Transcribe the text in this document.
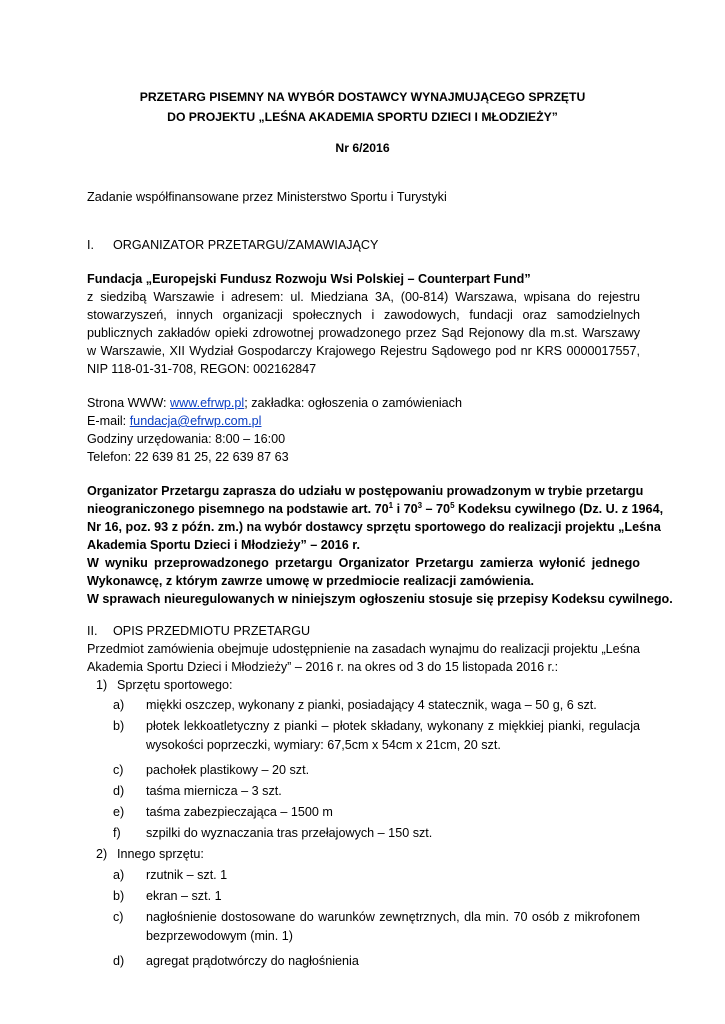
PRZETARG PISEMNY NA WYBÓR DOSTAWCY WYNAJMUJĄCEGO SPRZĘTU
DO PROJEKTU „LEŚNA AKADEMIA SPORTU DZIECI I MŁODZIEŻY”
Nr 6/2016
Zadanie współfinansowane przez Ministerstwo Sportu i Turystyki
I. ORGANIZATOR PRZETARGU/ZAMAWIAJĄCY
Fundacja „Europejski Fundusz Rozwoju Wsi Polskiej – Counterpart Fund”
z siedzibą Warszawie i adresem: ul. Miedziana 3A, (00-814) Warszawa, wpisana do rejestru
stowarzyszeń, innych organizacji społecznych i zawodowych, fundacji oraz samodzielnych
publicznych zakładów opieki zdrowotnej prowadzonego przez Sąd Rejonowy dla m.st. Warszawy
w Warszawie, XII Wydział Gospodarczy Krajowego Rejestru Sądowego pod nr KRS 0000017557,
NIP 118-01-31-708, REGON: 002162847
Strona WWW: www.efrwp.pl; zakładka: ogłoszenia o zamówieniach
E-mail: fundacja@efrwp.com.pl
Godziny urzędowania: 8:00 – 16:00
Telefon: 22 639 81 25, 22 639 87 63
Organizator Przetargu zaprasza do udziału w postępowaniu prowadzonym w trybie przetargu
nieograniczonego pisemnego na podstawie art. $70^1$ i $70^3 - 70^5$ Kodeksu cywilnego (Dz. U. z 1964,
Nr 16, poz. 93 z późn. zm.) na wybór dostawcy sprzętu sportowego do realizacji projektu „Leśna
Akademia Sportu Dzieci i Młodzieży” – 2016 r.
W wyniku przeprowadzonego przetargu Organizator Przetargu zamierza wyłonić jednego
Wykonawcę, z którym zawrze umowę w przedmiocie realizacji zamówienia.
W sprawach nieuregulowanych w niniejszym ogłoszeniu stosuje się przepisy Kodeksu cywilnego.
II. OPIS PRZEDMIOTU PRZETARGU
Przedmiot zamówienia obejmuje udostępnienie na zasadach wynajmu do realizacji projektu „Leśna
Akademia Sportu Dzieci i Młodzieży” – 2016 r. na okres od 3 do 15 listopada 2016 r.:
1) Sprzętu sportowego:
a) miękki oszczep, wykonany z pianki, posiadający 4 statecznik, waga – 50 g, 6 szt.
b) płotek lekkoatletyczny z pianki – płotek składany, wykonany z miękkiej pianki, regulacja
wysokości poprzeczki, wymiary: 67,5cm x 54cm x 21cm, 20 szt.
c) pachołek plastikowy – 20 szt.
d) taśma miernicza – 3 szt.
e) taśma zabezpieczająca – 1500 m
f) szpilki do wyznaczania tras przełajowych – 150 szt.
2) Innego sprzętu:
a) rzutnik – szt. 1
b) ekran – szt. 1
c) nagłośnienie dostosowane do warunków zewnętrznych, dla min. 70 osób z mikrofonem
bezprzewodowym (min. 1)
d) agregat prądotwórczy do nagłośnienia
